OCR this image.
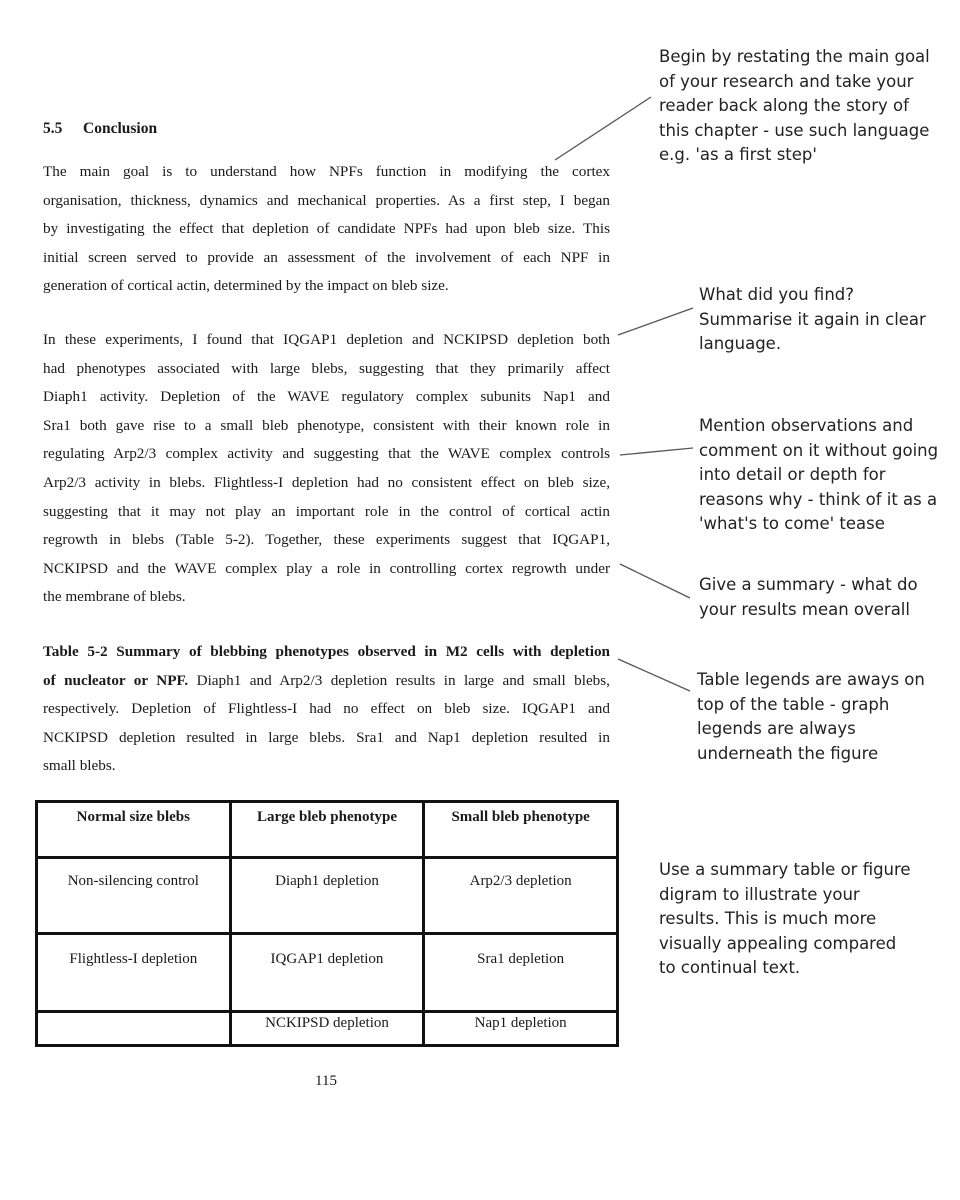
5.5 Conclusion
The main goal is to understand how NPFs function in modifying the cortex
organisation, thickness, dynamics and mechanical properties. As a first step, I began
by investigating the effect that depletion of candidate NPFs had upon bleb size. This
initial screen served to provide an assessment of the involvement of each NPF in
generation of cortical actin, determined by the impact on bleb size.
In these experiments, I found that IQGAP1 depletion and NCKIPSD depletion both
had phenotypes associated with large blebs, suggesting that they primarily affect
Diaph1 activity. Depletion of the WAVE regulatory complex subunits Nap1 and
Sra1 both gave rise to a small bleb phenotype, consistent with their known role in
regulating Arp2/3 complex activity and suggesting that the WAVE complex controls
Arp2/3 activity in blebs. Flightless-I depletion had no consistent effect on bleb size,
suggesting that it may not play an important role in the control of cortical actin
regrowth in blebs (Table 5-2). Together, these experiments suggest that IQGAP1,
NCKIPSD and the WAVE complex play a role in controlling cortex regrowth under
the membrane of blebs.
Table 5-2 Summary of blebbing phenotypes observed in M2 cells with depletion
of nucleator or NPF. Diaph1 and Arp2/3 depletion results in large and small blebs,
respectively. Depletion of Flightless-I had no effect on bleb size. IQGAP1 and
NCKIPSD depletion resulted in large blebs. Sra1 and Nap1 depletion resulted in
small blebs.
Normal size blebs	Large bleb phenotype	Small bleb phenotype
Non-silencing control	Diaph1 depletion	Arp2/3 depletion
Flightless-I depletion	IQGAP1 depletion	Sra1 depletion
	NCKIPSD depletion	Nap1 depletion
115
Begin by restating the main goal
of your research and take your
reader back along the story of
this chapter - use such language
e.g. 'as a first step'
What did you find?
Summarise it again in clear
language.
Mention observations and
comment on it without going
into detail or depth for
reasons why - think of it as a
'what's to come' tease
Give a summary - what do
your results mean overall
Table legends are aways on
top of the table - graph
legends are always
underneath the figure
Use a summary table or figure
digram to illustrate your
results. This is much more
visually appealing compared
to continual text.
